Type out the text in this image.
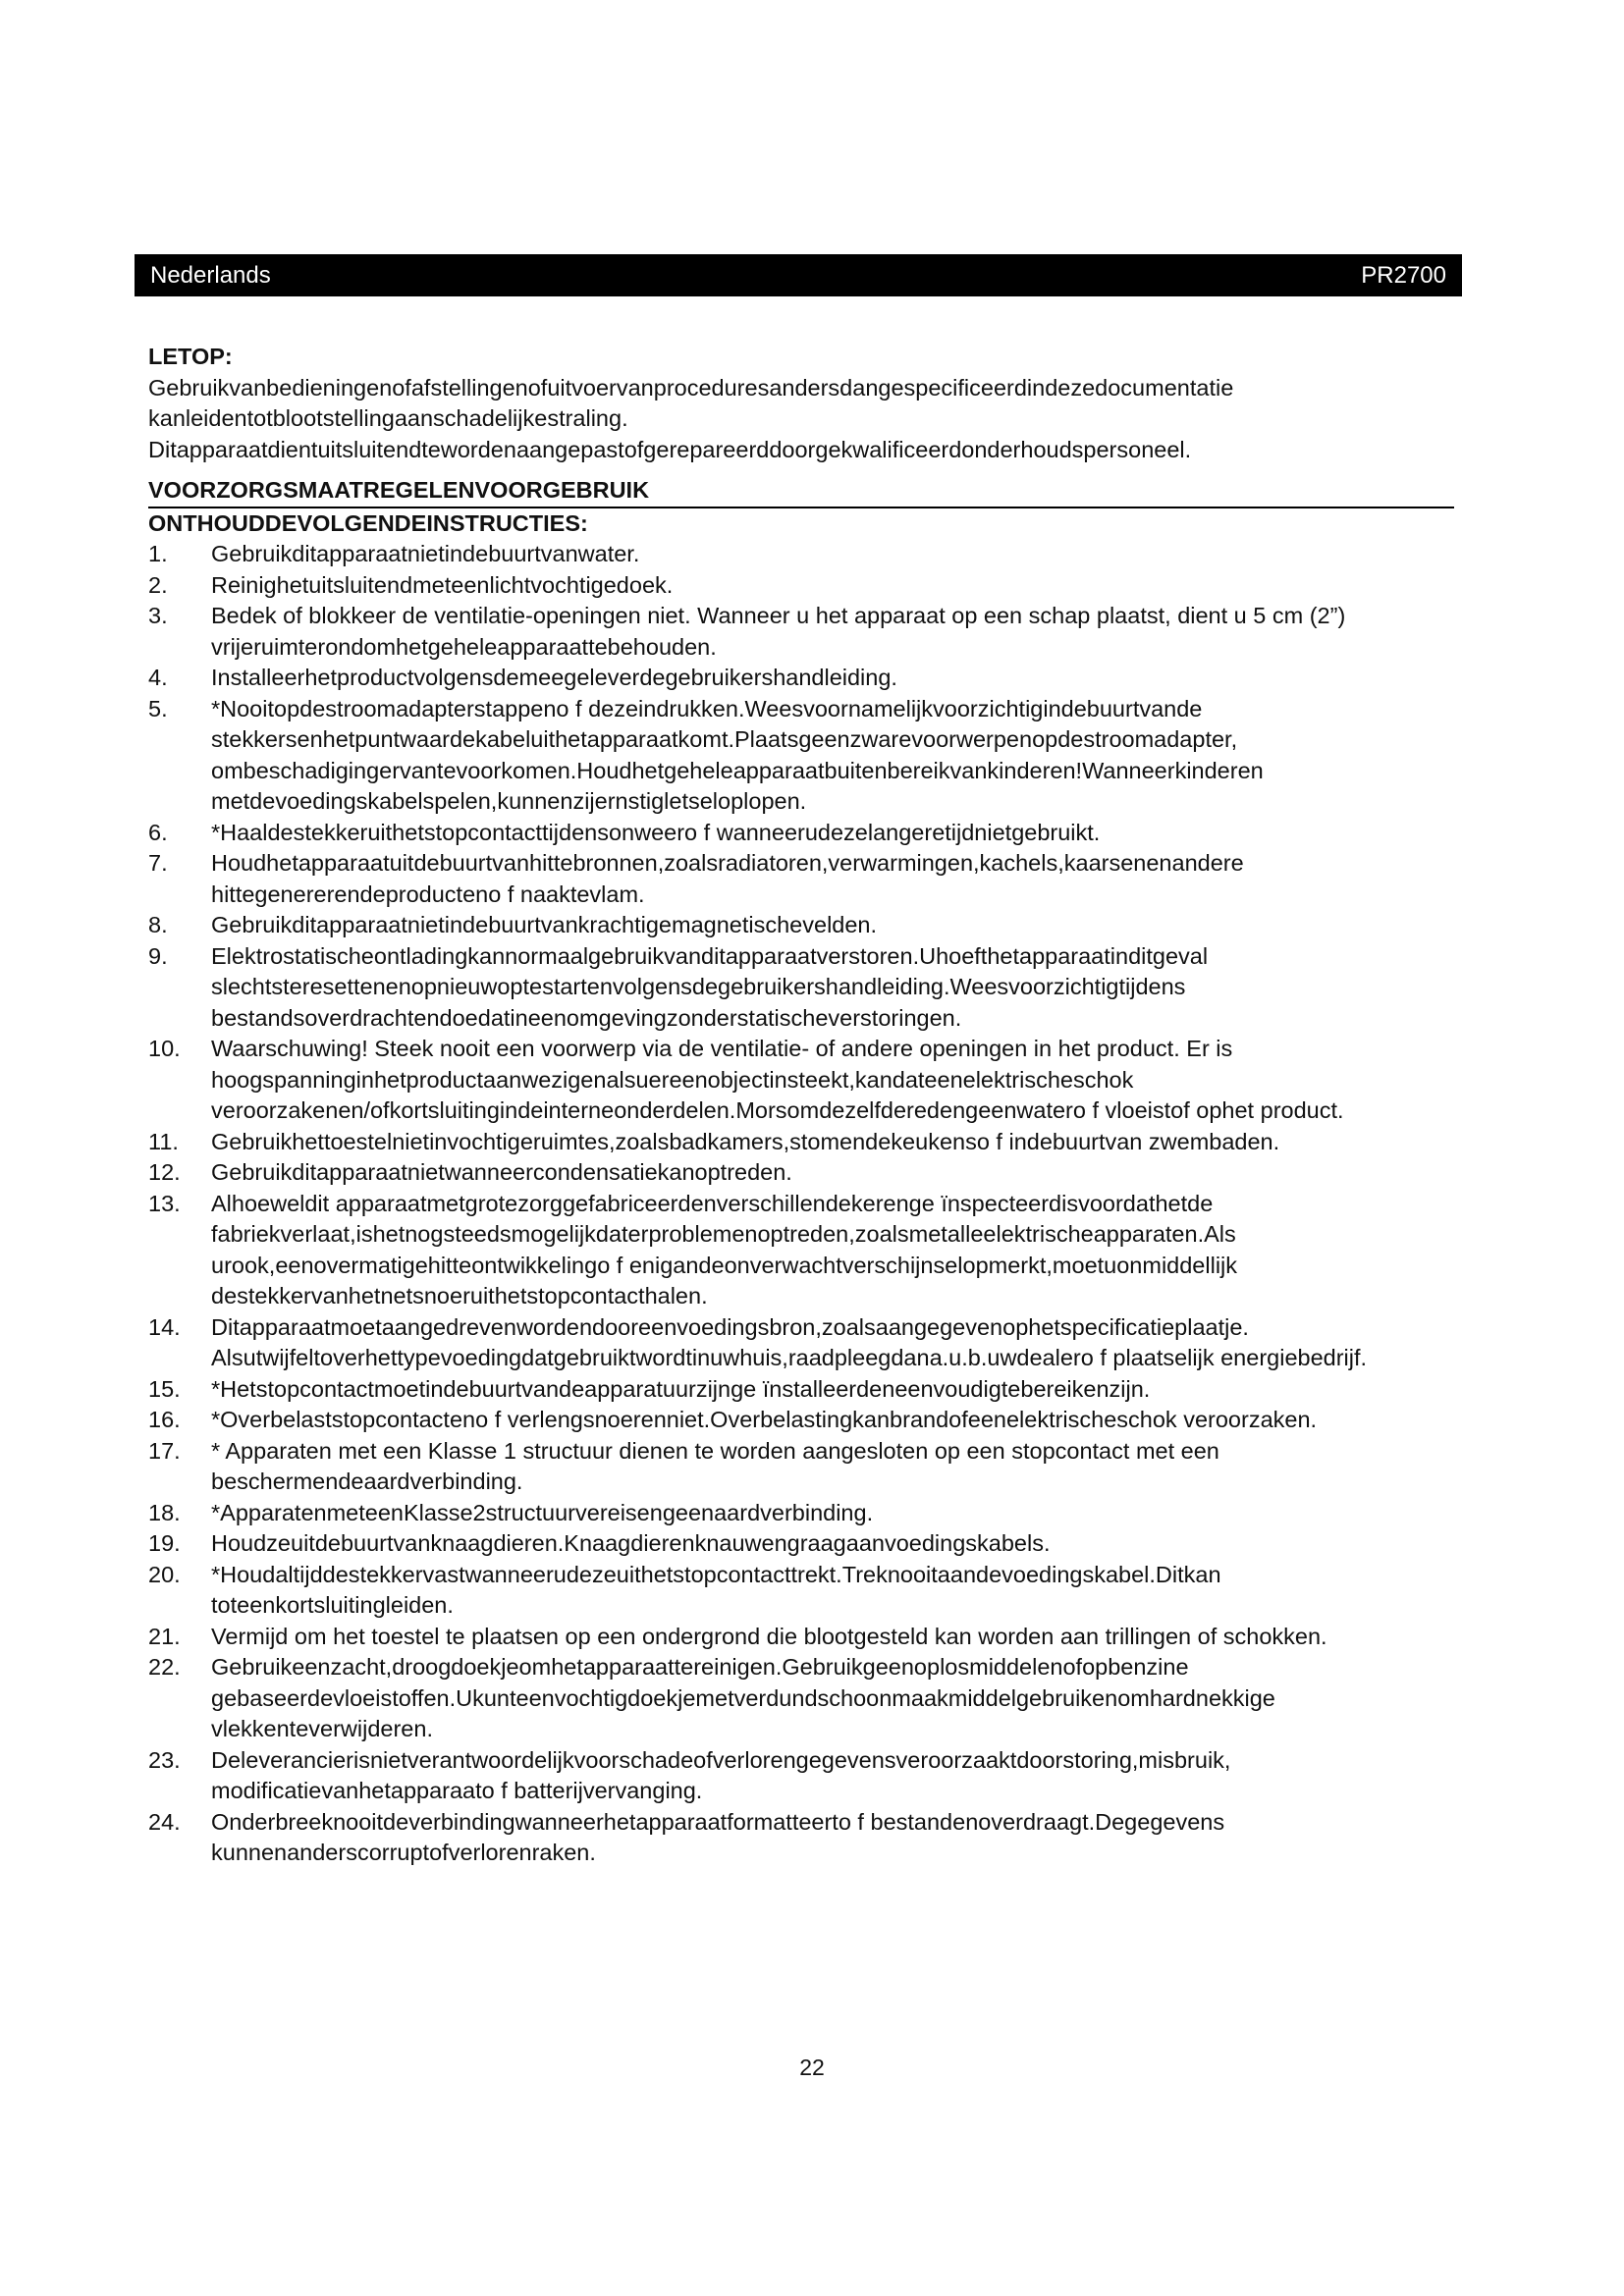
Nederlands	PR2700

LETOP:

Gebruikvanbedieningenofafstellingenofuitvoervanproceduresandersdangespecificeerdindezedocumentatie

kanleidentotblootstellingaanschadelijkestraling.

Ditapparaatdientuitsluitendtewordenaangepastofgerepareerddoorgekwalificeerdonderhoudspersoneel.

VOORZORGSMAATREGELENVOORGEBRUIK

ONTHOUDDEVOLGENDEINSTRUCTIES:

1. Gebruikditapparaatnietindebuurtvanwater.
2. Reinighetuitsluitendmeteenlichtvochtigedoek.
3. Bedek of blokkeer de ventilatie-openingen niet. Wanneer u het apparaat op een schap plaatst, dient u 5 cm (2”) vrijeruimterondomhetgeheleapparaattebehouden.
4. Installeerhetproductvolgensdemeegeleverdegebruikershandleiding.
5. *Nooitopdestroomadapterstappeno f dezeindrukken.Weesvoornamelijkvoorzichtigindebuurtvande stekkersenhetpuntwaardekabeluithetapparaatkomt.Plaatsgeenzwarevoorwerpenopdestroomadapter, ombeschadigingervantevoorkomen.Houdhetgeheleapparaatbuitenbereikvankinderen!Wanneerkinderen metdevoedingskabelspelen,kunnenzijernstigletseloplopen.
6. *Haaldestekkeruithetstopcontacttijdensonweero f wanneerudezelangeretijdnietgebruikt.
7. Houdhetapparaatuitdebuurtvanhittebronnen,zoalsradiatoren,verwarmingen,kachels,kaarsenenandere hittegenererendeproducteno f naaktevlam.
8. Gebruikditapparaatnietindebuurtvankrachtigemagnetischevelden.
9. Elektrostatischeontladingkannormaalgebruikvanditapparaatverstoren.Uhoefthetapparaatinditgeval slechtsteresettenenopnieuwoptestartenvolgensdegebruikershandleiding.Weesvoorzichtigtijdens bestandsoverdrachtendoedatineenomgevingzonderstatischeverstoringen.
10. Waarschuwing! Steek nooit een voorwerp via de ventilatie- of andere openingen in het product. Er is hoogspanninginhetproductaanwezigenalsuereenobjectinsteekt,kandateenelektrischeschok veroorzakenen/ofkortsluitingindeinterneonderdelen.Morsomdezelfderedengeenwatero f vloeistof ophet product.
11. Gebruikhettoestelnietinvochtigeruimtes,zoalsbadkamers,stomendekeukenso f indebuurtvan zwembaden.
12. Gebruikditapparaatnietwanneercondensatiekanoptreden.
13. Alhoeweldit apparaatmetgrotezorggefabriceerdenverschillendekerenge ïnspecteerdisvoordathetde fabriekverlaat,ishetnogsteedsmogelijkdaterproblemenoptreden,zoalsmetalleelektrischeapparaten.Als urook,eenovermatigehitteontwikkelingo f enigandeonverwachtverschijnselopmerkt,moetuonmiddellijk destekkervanhetnetsnoeruithetstopcontacthalen.
14. Ditapparaatmoetaangedrevenwordendooreenvoedingsbron,zoalsaangegevenophetspecificatieplaatje. Alsutwijfeltoverhettypevoedingdatgebruiktwordtinuwhuis,raadpleegdana.u.b.uwdealero f plaatselijk energiebedrijf.
15. *Hetstopcontactmoetindebuurtvandeapparatuurzijnge ïnstalleerdeneenvoudigtebereikenzijn.
16. *Overbelaststopcontacteno f verlengsnoerenniet.Overbelastingkanbrandofeenelektrischeschok veroorzaken.
17. * Apparaten met een Klasse 1 structuur dienen te worden aangesloten op een stopcontact met een beschermendeaardverbinding.
18. *ApparatenmeteenKlasse2structuurvereisengeenaardverbinding.
19. Houdzeuitdebuurtvanknaagdieren.Knaagdierenknauwengraagaanvoedingskabels.
20. *Houdaltijddestekkervastwanneerudezeuithetstopcontacttrekt.Treknooitaandevoedingskabel.Ditkan toteenkortsluitingleiden.
21. Vermijd om het toestel te plaatsen op een ondergrond die blootgesteld kan worden aan trillingen of schokken.
22. Gebruikeenzacht,droogdoekjeomhetapparaattereinigen.Gebruikgeenoplosmiddelenofopbenzine gebaseerdevloeistoffen.Ukunteenvochtigdoekjemetverdundschoonmaakmiddelgebruikenomhardnekkige vlekkenteverwijderen.
23. Deleverancierisnietverantwoordelijkvoorschadeofverlorengegevensveroorzaaktdoorstoring,misbruik, modificatievanhetapparaato f batterijvervanging.
24. Onderbreeknooitdeverbindingwanneerhetapparaatformatteerto f bestandenoverdraagt.Degegevens kunnenanderscorruptofverlorenraken.
22
